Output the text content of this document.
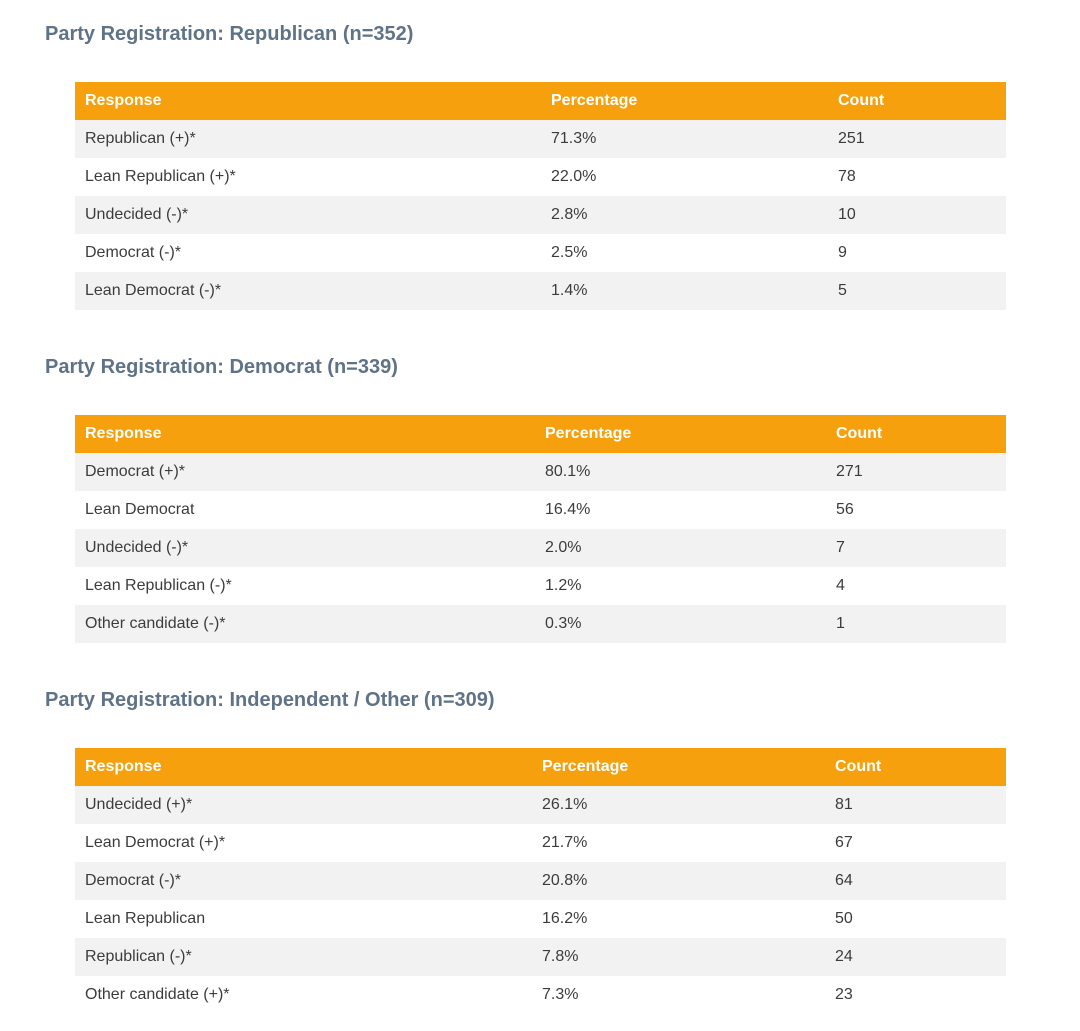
Party Registration: Republican (n=352)
Response	Percentage	Count
Republican (+)*	71.3%	251
Lean Republican (+)*	22.0%	78
Undecided (-)*	2.8%	10
Democrat (-)*	2.5%	9
Lean Democrat (-)*	1.4%	5
Party Registration: Democrat (n=339)
Response	Percentage	Count
Democrat (+)*	80.1%	271
Lean Democrat	16.4%	56
Undecided (-)*	2.0%	7
Lean Republican (-)*	1.2%	4
Other candidate (-)*	0.3%	1
Party Registration: Independent / Other (n=309)
Response	Percentage	Count
Undecided (+)*	26.1%	81
Lean Democrat (+)*	21.7%	67
Democrat (-)*	20.8%	64
Lean Republican	16.2%	50
Republican (-)*	7.8%	24
Other candidate (+)*	7.3%	23
